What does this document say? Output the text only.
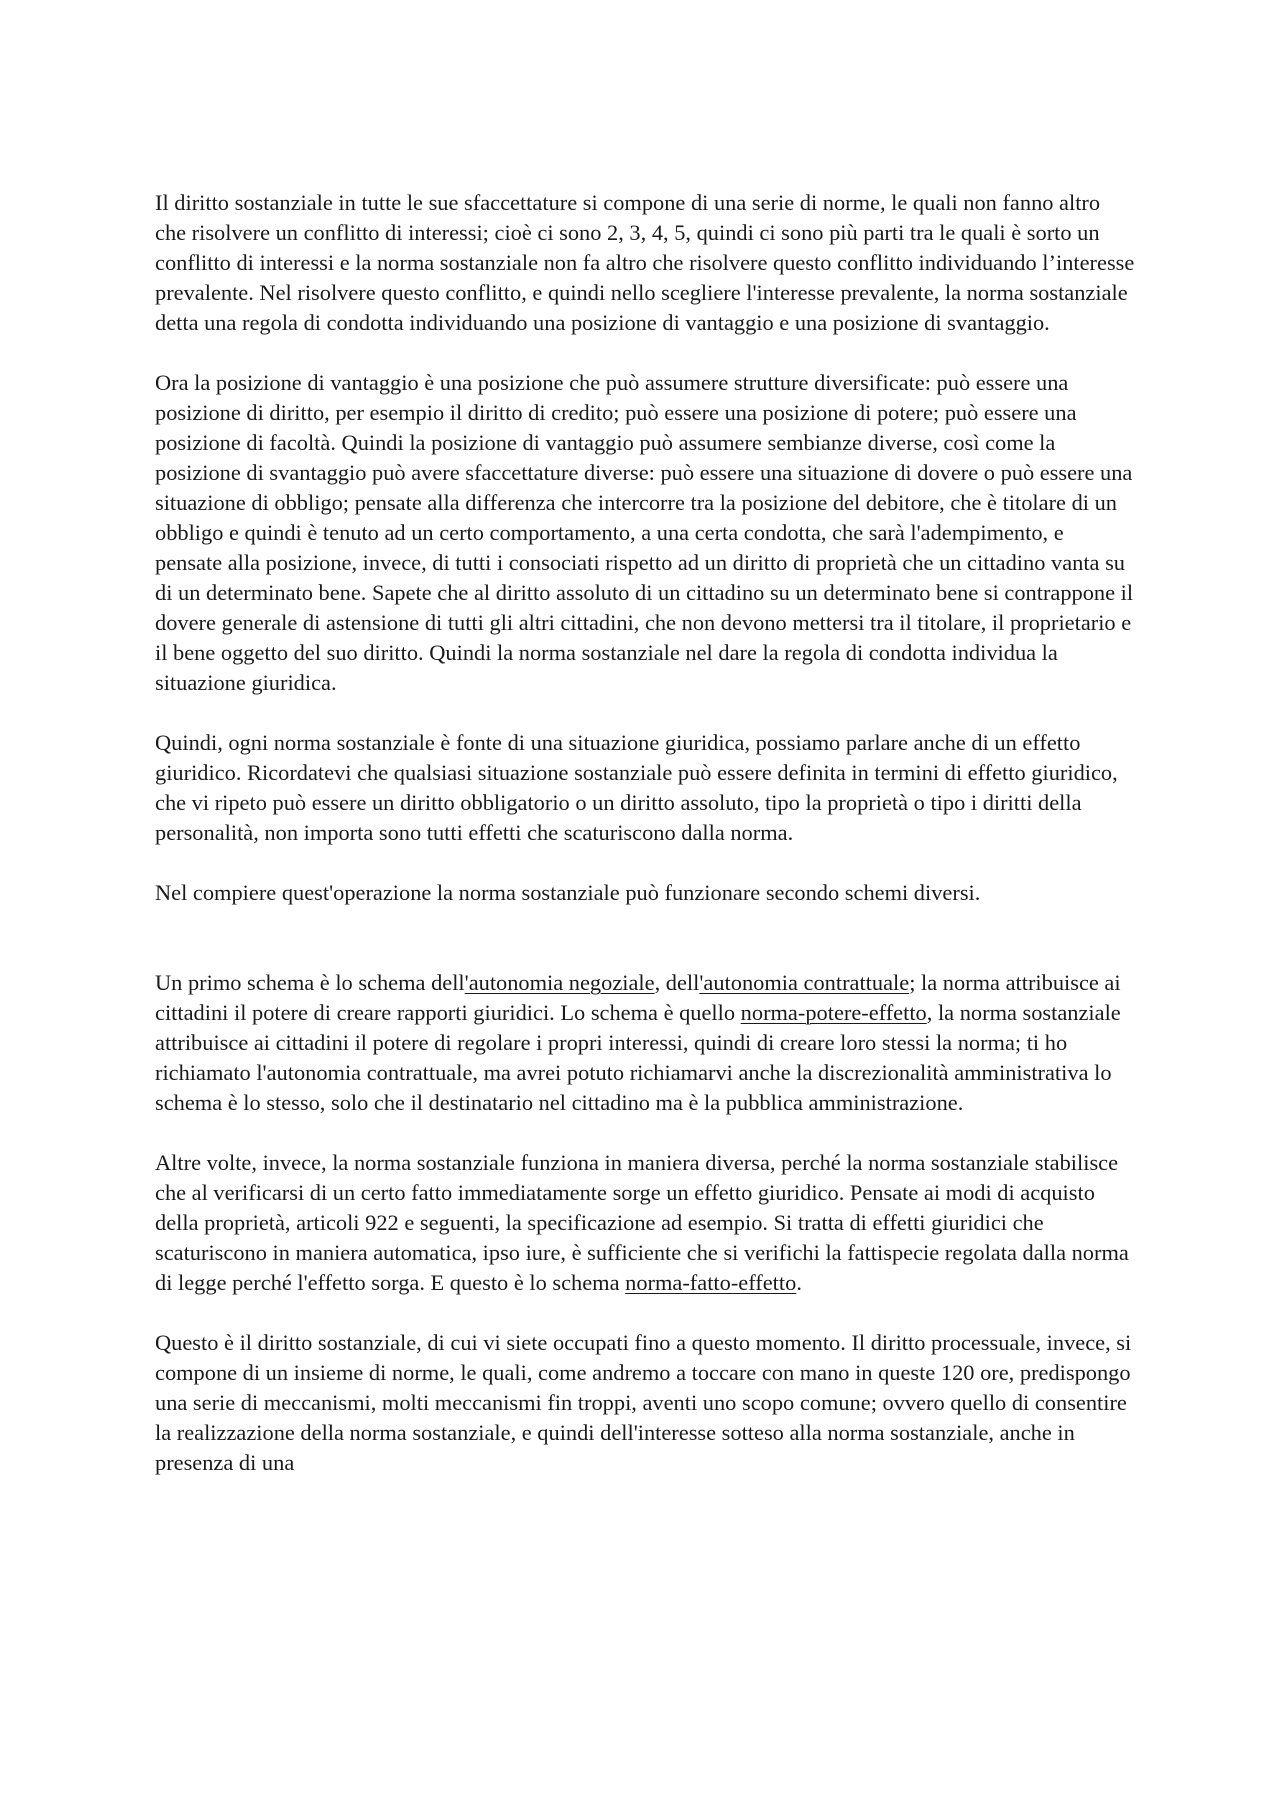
Il diritto sostanziale in tutte le sue sfaccettature si compone di una serie di norme, le quali non fanno altro che risolvere un conflitto di interessi; cioè ci sono 2, 3, 4, 5, quindi ci sono più parti tra le quali è sorto un conflitto di interessi e la norma sostanziale non fa altro che risolvere questo conflitto individuando l’interesse prevalente. Nel risolvere questo conflitto, e quindi nello scegliere l'interesse prevalente, la norma sostanziale detta una regola di condotta individuando una posizione di vantaggio e una posizione di svantaggio.

Ora la posizione di vantaggio è una posizione che può assumere strutture diversificate: può essere una posizione di diritto, per esempio il diritto di credito; può essere una posizione di potere; può essere una posizione di facoltà. Quindi la posizione di vantaggio può assumere sembianze diverse, così come la posizione di svantaggio può avere sfaccettature diverse: può essere una situazione di dovere o può essere una situazione di obbligo; pensate alla differenza che intercorre tra la posizione del debitore, che è titolare di un obbligo e quindi è tenuto ad un certo comportamento, a una certa condotta, che sarà l'adempimento, e pensate alla posizione, invece, di tutti i consociati rispetto ad un diritto di proprietà che un cittadino vanta su di un determinato bene. Sapete che al diritto assoluto di un cittadino su un determinato bene si contrappone il dovere generale di astensione di tutti gli altri cittadini, che non devono mettersi tra il titolare, il proprietario e il bene oggetto del suo diritto. Quindi la norma sostanziale nel dare la regola di condotta individua la situazione giuridica.

Quindi, ogni norma sostanziale è fonte di una situazione giuridica, possiamo parlare anche di un effetto giuridico. Ricordatevi che qualsiasi situazione sostanziale può essere definita in termini di effetto giuridico, che vi ripeto può essere un diritto obbligatorio o un diritto assoluto, tipo la proprietà o tipo i diritti della personalità, non importa sono tutti effetti che scaturiscono dalla norma.

Nel compiere quest'operazione la norma sostanziale può funzionare secondo schemi diversi.

Un primo schema è lo schema dell'autonomia negoziale, dell'autonomia contrattuale; la norma attribuisce ai cittadini il potere di creare rapporti giuridici. Lo schema è quello norma-potere-effetto, la norma sostanziale attribuisce ai cittadini il potere di regolare i propri interessi, quindi di creare loro stessi la norma; ti ho richiamato l'autonomia contrattuale, ma avrei potuto richiamarvi anche la discrezionalità amministrativa lo schema è lo stesso, solo che il destinatario nel cittadino ma è la pubblica amministrazione.

Altre volte, invece, la norma sostanziale funziona in maniera diversa, perché la norma sostanziale stabilisce che al verificarsi di un certo fatto immediatamente sorge un effetto giuridico. Pensate ai modi di acquisto della proprietà, articoli 922 e seguenti, la specificazione ad esempio. Si tratta di effetti giuridici che scaturiscono in maniera automatica, ipso iure, è sufficiente che si verifichi la fattispecie regolata dalla norma di legge perché l'effetto sorga. E questo è lo schema norma-fatto-effetto.

Questo è il diritto sostanziale, di cui vi siete occupati fino a questo momento. Il diritto processuale, invece, si compone di un insieme di norme, le quali, come andremo a toccare con mano in queste 120 ore, predispongo una serie di meccanismi, molti meccanismi fin troppi, aventi uno scopo comune; ovvero quello di consentire la realizzazione della norma sostanziale, e quindi dell'interesse sotteso alla norma sostanziale, anche in presenza di una
